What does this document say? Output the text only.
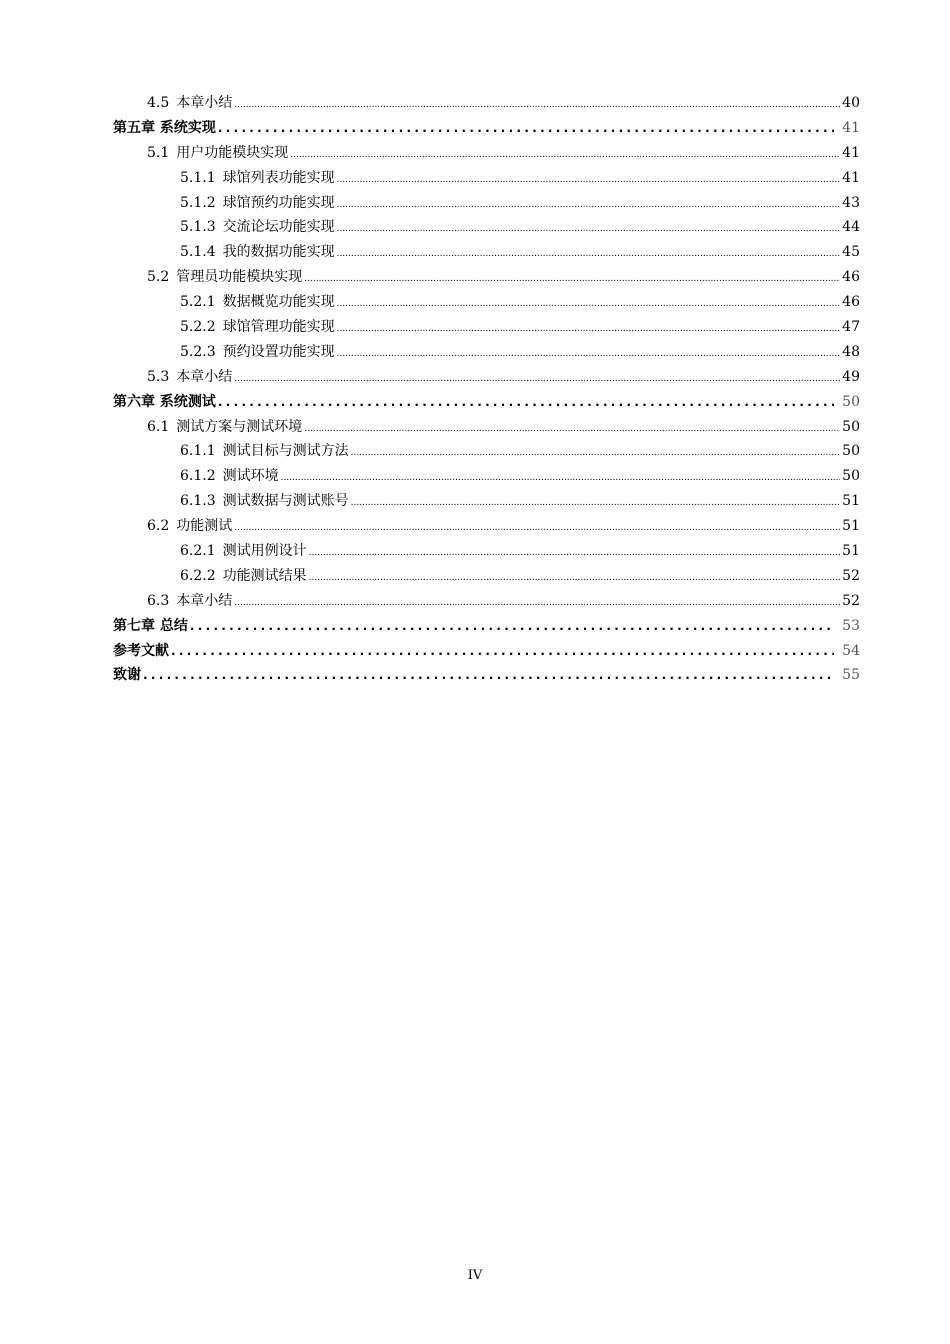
4.5 本章小结 .....	40
第五章 系统实现 .....	41
5.1 用户功能模块实现 .....	41
5.1.1 球馆列表功能实现 .....	41
5.1.2 球馆预约功能实现 .....	43
5.1.3 交流论坛功能实现 .....	44
5.1.4 我的数据功能实现 .....	45
5.2 管理员功能模块实现 .....	46
5.2.1 数据概览功能实现 .....	46
5.2.2 球馆管理功能实现 .....	47
5.2.3 预约设置功能实现 .....	48
5.3 本章小结 .....	49
第六章 系统测试 .....	50
6.1 测试方案与测试环境 .....	50
6.1.1 测试目标与测试方法 .....	50
6.1.2 测试环境 .....	50
6.1.3 测试数据与测试账号 .....	51
6.2 功能测试 .....	51
6.2.1 测试用例设计 .....	51
6.2.2 功能测试结果 .....	52
6.3 本章小结 .....	52
第七章 总结 .....	53
参考文献 .....	54
致谢 .....	55
IV
